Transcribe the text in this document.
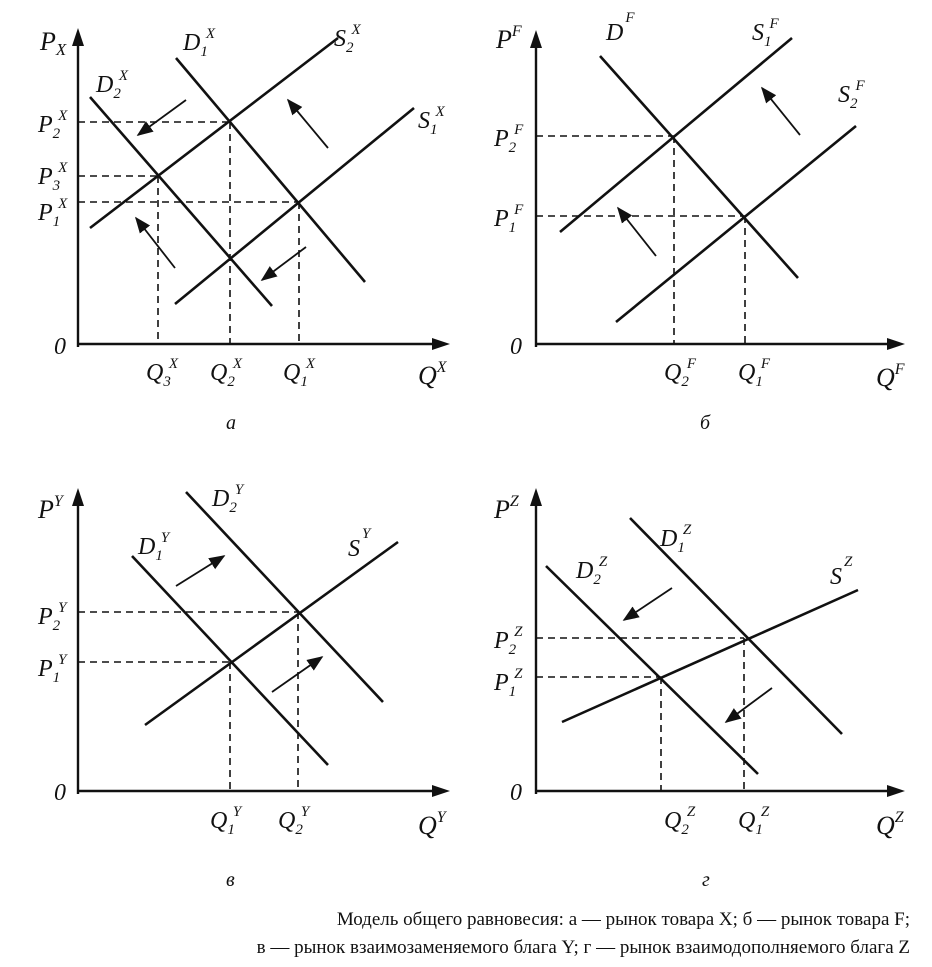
PX
$Q^X$
0
$D_2X$
$D_1X$	$S_2X$
$S_1X$
$P_2X$
$P_3X$
$P_1X$
$Q_3X$ $Q_2X$ $Q_1X$
а
$P^F$
$Q^F$
0
$D^F$
$S_1F$
$S_2F$
$P_2F$
$P_1F$
$Q_2F$ $Q_1F$
б
$P^Y$
$Q^Y$
0
$D_1Y$
$D_2Y$
$S^Y$
$P_2Y$
$P_1Y$
$Q_1Y$ $Q_2Y$
в
$P^Z$
$Q^Z$
0
$D_2Z$
$D_1Z$
$S^Z$
$P_2Z$
$P_1Z$
$Q_2Z$ $Q_1Z$
г
Модель общего равновесия: а — рынок товара X; б — рынок товара F;
в — рынок взаимозаменяемого блага Y; г — рынок взаимодополняемого блага Z
